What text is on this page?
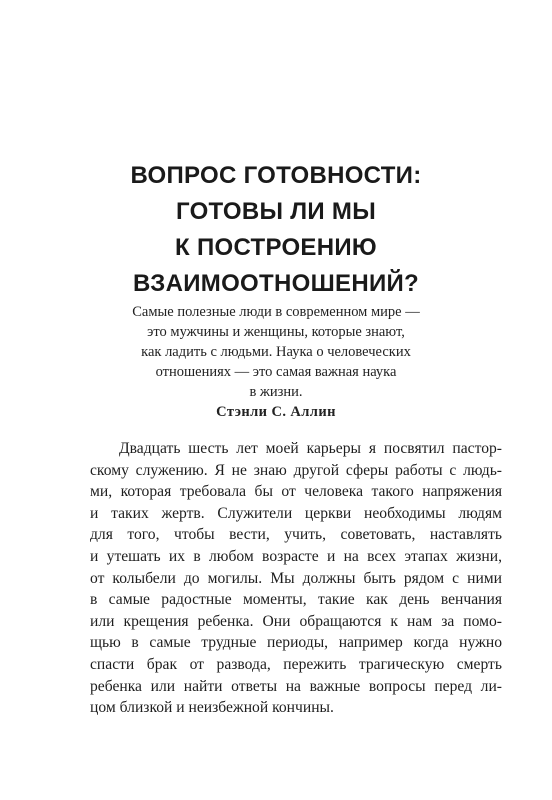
ВОПРОС ГОТОВНОСТИ:
ГОТОВЫ ЛИ МЫ
К ПОСТРОЕНИЮ
ВЗАИМООТНОШЕНИЙ?
Самые полезные люди в современном мире —
это мужчины и женщины, которые знают,
как ладить с людьми. Наука о человеческих
отношениях — это самая важная наука
в жизни.
Стэнли С. Аллин
Двадцать шесть лет моей карьеры я посвятил пастор-
скому служению. Я не знаю другой сферы работы с людь-
ми, которая требовала бы от человека такого напряжения
и таких жертв. Служители церкви необходимы людям
для того, чтобы вести, учить, советовать, наставлять
и утешать их в любом возрасте и на всех этапах жизни,
от колыбели до могилы. Мы должны быть рядом с ними
в самые радостные моменты, такие как день венчания
или крещения ребенка. Они обращаются к нам за помо-
щью в самые трудные периоды, например когда нужно
спасти брак от развода, пережить трагическую смерть
ребенка или найти ответы на важные вопросы перед ли-
цом близкой и неизбежной кончины.
